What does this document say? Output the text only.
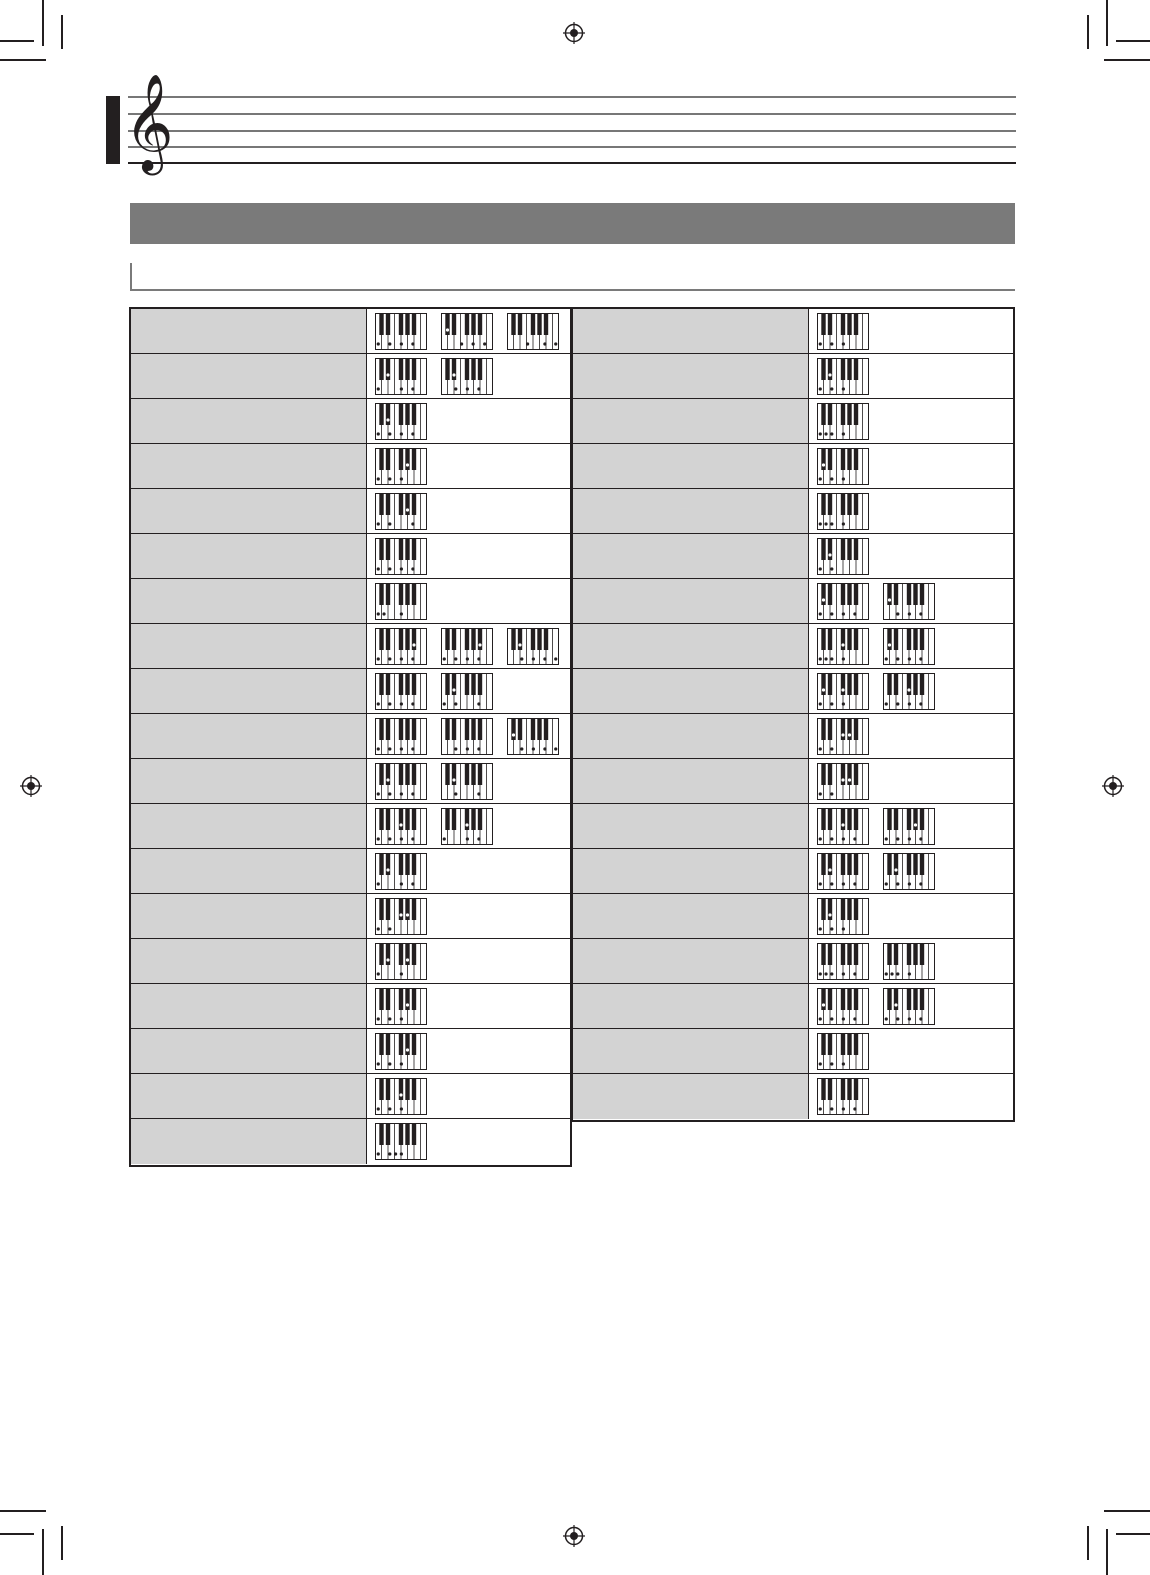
𝄞
